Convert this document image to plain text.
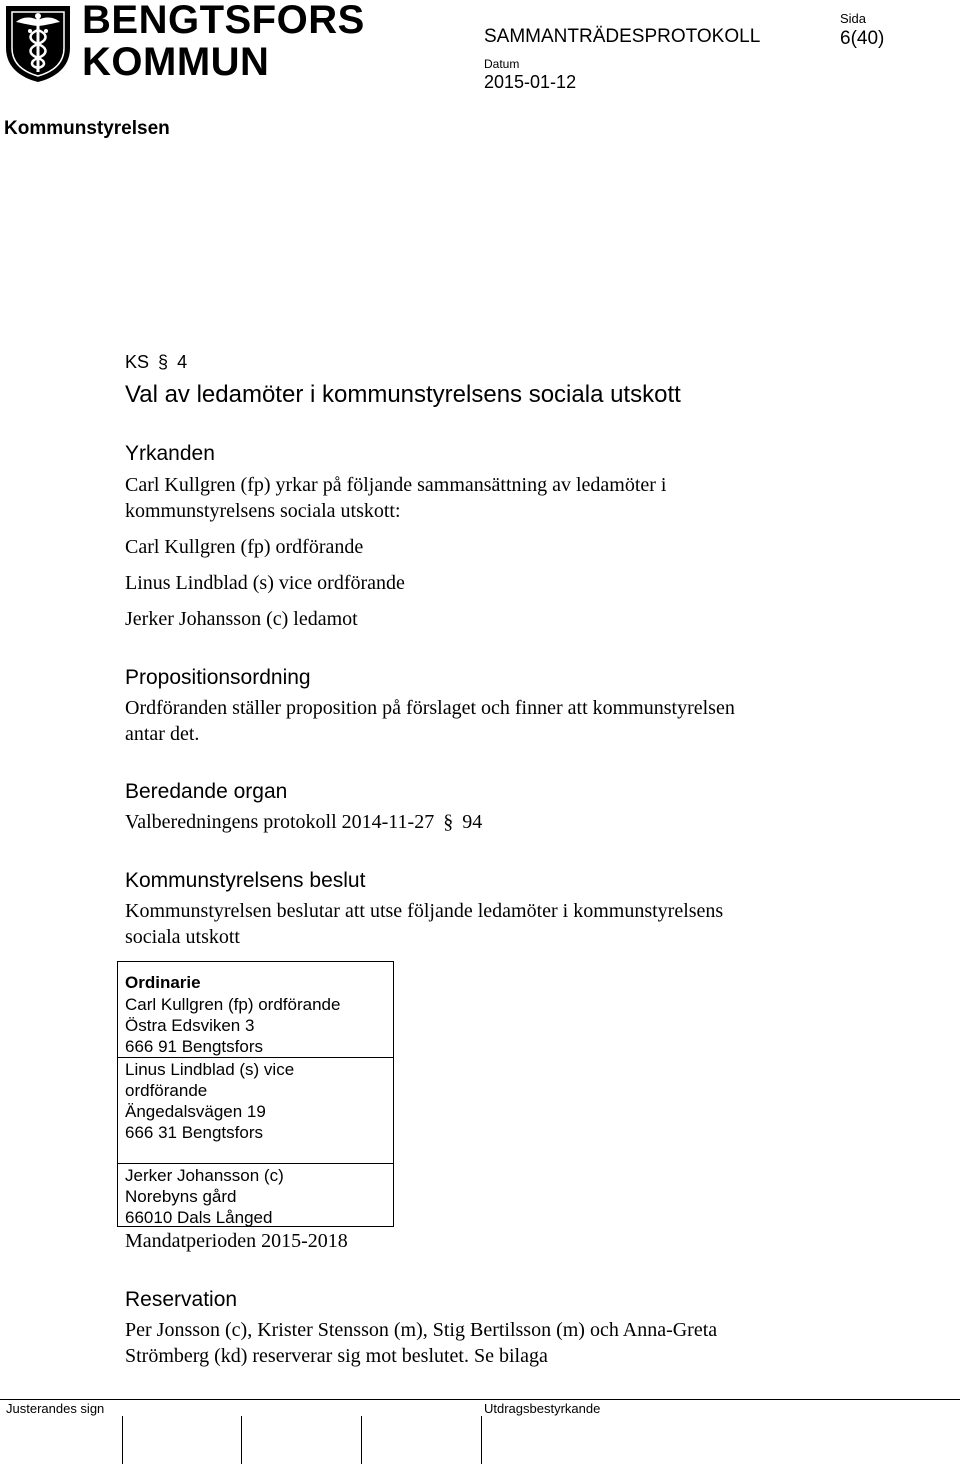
BENGTSFORS
KOMMUN
SAMMANTRÄDESPROTOKOLL
Datum
2015-01-12
Sida
6(40)
Kommunstyrelsen
KS § 4
Val av ledamöter i kommunstyrelsens sociala utskott
Yrkanden
Carl Kullgren (fp) yrkar på följande sammansättning av ledamöter i
kommunstyrelsens sociala utskott:
Carl Kullgren (fp) ordförande
Linus Lindblad (s) vice ordförande
Jerker Johansson (c) ledamot
Propositionsordning
Ordföranden ställer proposition på förslaget och finner att kommunstyrelsen
antar det.
Beredande organ
Valberedningens protokoll 2014-11-27 § 94
Kommunstyrelsens beslut
Kommunstyrelsen beslutar att utse följande ledamöter i kommunstyrelsens
sociala utskott
Ordinarie
Carl Kullgren (fp) ordförande
Östra Edsviken 3
666 91 Bengtsfors
Linus Lindblad (s) vice
ordförande
Ängedalsvägen 19
666 31 Bengtsfors
Jerker Johansson (c)
Norebyns gård
66010 Dals Långed
Mandatperioden 2015-2018
Reservation
Per Jonsson (c), Krister Stensson (m), Stig Bertilsson (m) och Anna-Greta
Strömberg (kd) reserverar sig mot beslutet. Se bilaga
Justerandes sign	Utdragsbestyrkande
